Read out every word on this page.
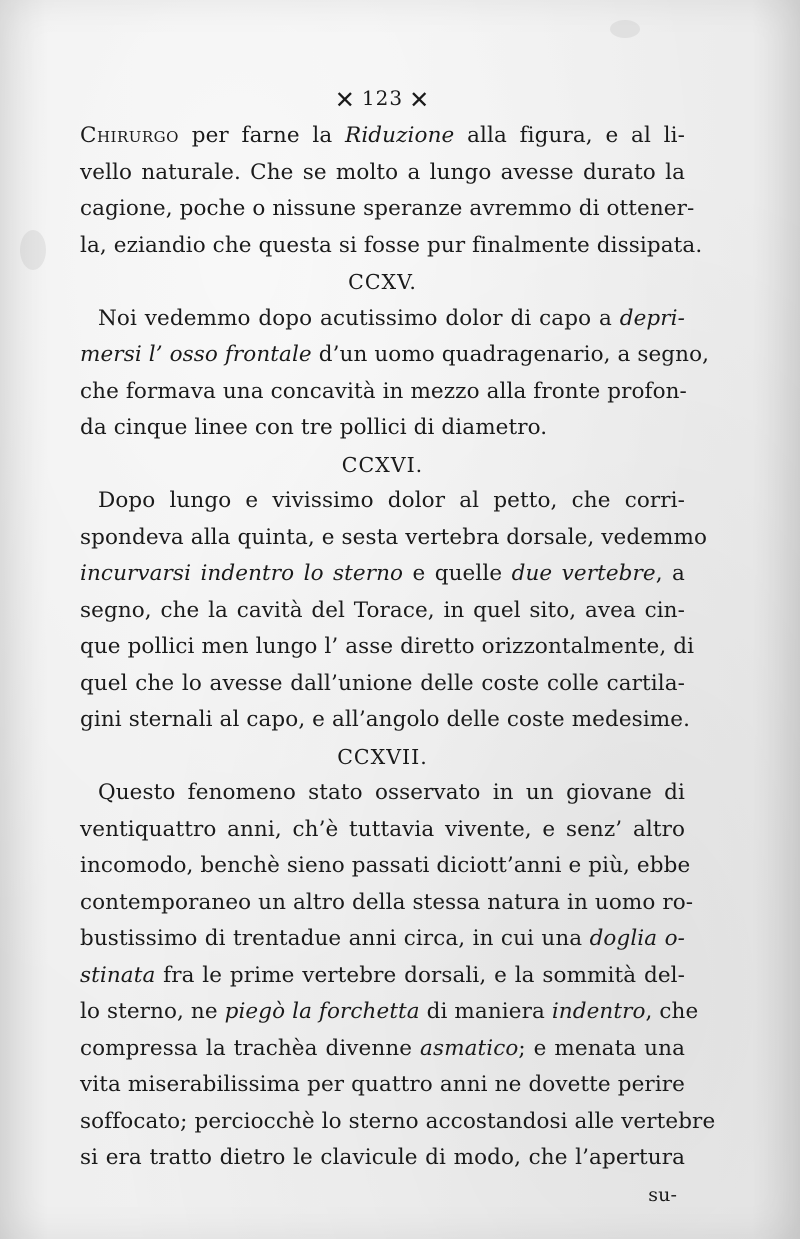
✕ 123 ✕
Chirurgo per farne la Riduzione alla figura, e al li-
vello naturale. Che se molto a lungo avesse durato la
cagione, poche o nissune speranze avremmo di ottener-
la, eziandio che questa si fosse pur finalmente dissipata.
CCXV.
Noi vedemmo dopo acutissimo dolor di capo a depri-
mersi l’ osso frontale d’un uomo quadragenario, a segno,
che formava una concavità in mezzo alla fronte profon-
da cinque linee con tre pollici di diametro.
CCXVI.
Dopo lungo e vivissimo dolor al petto, che corri-
spondeva alla quinta, e sesta vertebra dorsale, vedemmo
incurvarsi indentro lo sterno e quelle due vertebre, a
segno, che la cavità del Torace, in quel sito, avea cin-
que pollici men lungo l’ asse diretto orizzontalmente, di
quel che lo avesse dall’unione delle coste colle cartila-
gini sternali al capo, e all’angolo delle coste medesime.
CCXVII.
Questo fenomeno stato osservato in un giovane di
ventiquattro anni, ch’è tuttavia vivente, e senz’ altro
incomodo, benchè sieno passati diciott’anni e più, ebbe
contemporaneo un altro della stessa natura in uomo ro-
bustissimo di trentadue anni circa, in cui una doglia o-
stinata fra le prime vertebre dorsali, e la sommità del-
lo sterno, ne piegò la forchetta di maniera indentro, che
compressa la trachèa divenne asmatico; e menata una
vita miserabilissima per quattro anni ne dovette perire
soffocato; perciocchè lo sterno accostandosi alle vertebre
si era tratto dietro le clavicule di modo, che l’apertura
su-
